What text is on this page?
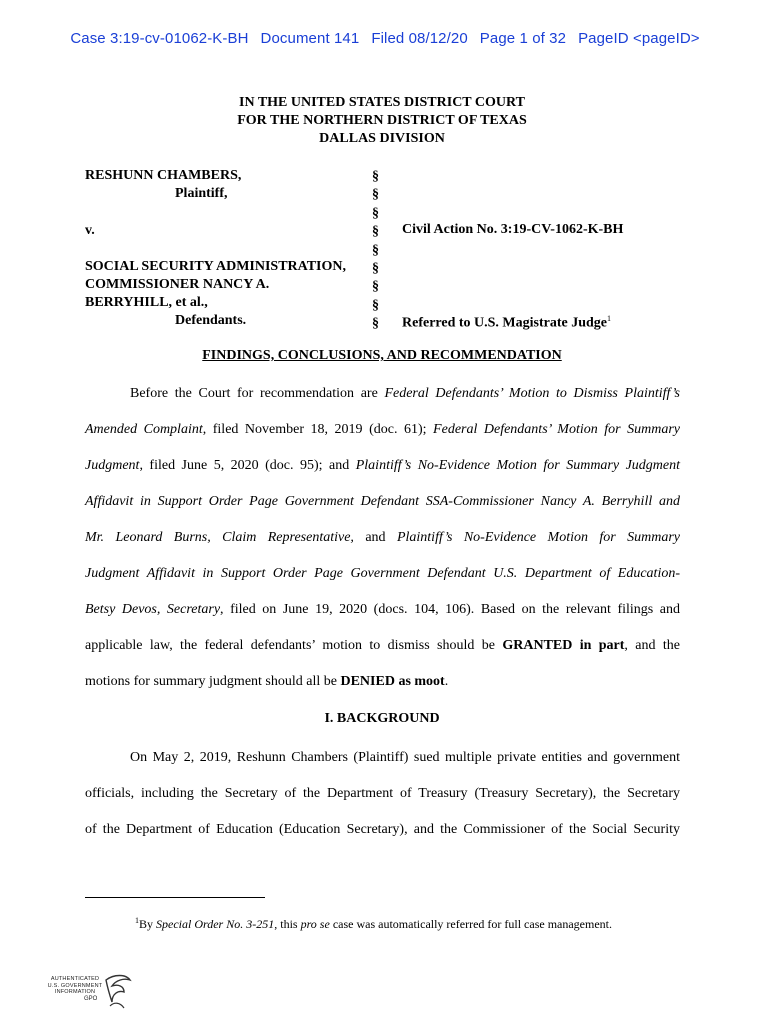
Case 3:19-cv-01062-K-BH Document 141 Filed 08/12/20 Page 1 of 32 PageID <pageID>
IN THE UNITED STATES DISTRICT COURT
FOR THE NORTHERN DISTRICT OF TEXAS
DALLAS DIVISION
RESHUNN CHAMBERS,
Plaintiff,
v.
SOCIAL SECURITY ADMINISTRATION,
COMMISSIONER NANCY A.
BERRYHILL, et al.,
Defendants.
§
§
§
§
§
§
§
§
§
Civil Action No. 3:19-CV-1062-K-BH
Referred to U.S. Magistrate Judge$^1$
FINDINGS, CONCLUSIONS, AND RECOMMENDATION
Before the Court for recommendation are Federal Defendants’ Motion to Dismiss Plaintiff’s
Amended Complaint, filed November 18, 2019 (doc. 61); Federal Defendants’ Motion for Summary
Judgment, filed June 5, 2020 (doc. 95); and Plaintiff’s No-Evidence Motion for Summary Judgment
Affidavit in Support Order Page Government Defendant SSA-Commissioner Nancy A. Berryhill and
Mr. Leonard Burns, Claim Representative, and Plaintiff’s No-Evidence Motion for Summary
Judgment Affidavit in Support Order Page Government Defendant U.S. Department of Education-
Betsy Devos, Secretary, filed on June 19, 2020 (docs. 104, 106). Based on the relevant filings and
applicable law, the federal defendants’ motion to dismiss should be GRANTED in part, and the
motions for summary judgment should all be DENIED as moot.
I. BACKGROUND
On May 2, 2019, Reshunn Chambers (Plaintiff) sued multiple private entities and government
officials, including the Secretary of the Department of Treasury (Treasury Secretary), the Secretary
of the Department of Education (Education Secretary), and the Commissioner of the Social Security
$^1$By Special Order No. 3-251, this pro se case was automatically referred for full case management.
AUTHENTICATED
U.S. GOVERNMENT
INFORMATION
GPO
